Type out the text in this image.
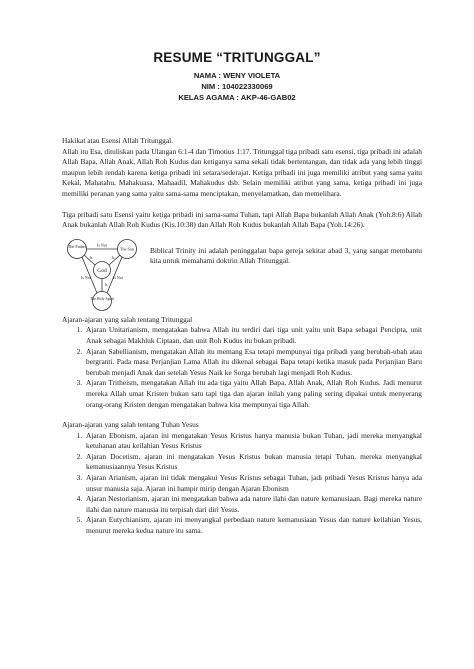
RESUME “TRITUNGGAL”

NAMA : WENY VIOLETA

NIM : 104022330069

KELAS AGAMA : AKP-46-GAB02

Hakikat atau Esensi Allah Tritunggal.

Allah itu Esa, dituliskan pada Ulangan 6:1-4 dan Timotius 1:17. Tritunggal tiga pribadi satu esensi, tiga pribadi ini adalah Allah Bapa, Allah Anak, Allah Roh Kudus dan ketiganya sama sekali tidak bertentangan, dan tidak ada yang lebih tinggi maupun lebih rendah karena ketiga pribadi ini setara/sederajat. Ketiga pribadi ini juga memiliki atribut yang sama yaitu Kekal, Mahatahu, Mahakuasa, Mahaadil, Mahakudus dsb. Selain memiliki atribut yang sama, ketiga pribadi ini juga memiliki peranan yang sama yaitu sama-sama menciptakan, menyelamatkan, dan memelihara.

Tiga pribadi satu Esensi yaitu ketiga pribadi ini sama-sama Tuhan, tapi Allah Bapa bukanlah Allah Anak (Yoh.8:6) Allah Anak bukanlah Allah Roh Kudus (Kis.10:38) dan Allah Roh Kudus bukanlah Allah Bapa (Yoh.14:26).

The Father	The Son
The Holy Spirit
God
Is Not
Is Not	Is Not
Is	Is
Is

Biblical Trinity ini adalah peninggalan bapa gereja sekitar abad 3, yang sangat membantu kita untuk memahami doktrin Allah Tritunggal.

Ajaran-ajaran yang salah tentang Tritunggal

1. Ajaran Unitarianism, mengatakan bahwa Allah itu terdiri dari tiga unit yaitu unit Bapa sebagai Pencipta, unit Anak sebagai Makhluk Ciptaan, dan unit Roh Kudus itu bukan pribadi.
2. Ajaran Sabellianism, mengatakan Allah itu memang Esa tetapi mempunyai tiga pribadi yang berubah-ubah atau bergranti. Pada masa Perjanjian Lama Allah itu dikenal sebagai Bapa tetapi ketika masuk pada Perjanjian Baru berubah menjadi Anak dan setelah Yesus Naik ke Sorga berubah lagi menjadi Roh Kudus.
3. Ajaran Tritheism, mengatakan Allah itu ada tiga yaitu Allah Bapa, Allah Anak, Allah Roh Kudus. Jadi menurut mereka Allah umat Kristen bukan satu tapi tiga dan ajaran inilah yang paling sering dipakai untuk menyerang orang-orang Kristen dengan mengatakan bahwa kita mempunyai tiga Allah.

Ajaran-ajaran yang salah tentang Tuhan Yesus

1. Ajaran Ebonism, ajaran ini mengatakan Yesus Kristus hanya manusia bukan Tuhan, jadi mereka menyangkal ketuhanan atau keilahian Yesus Kristus
2. Ajaran Docetism, ajaran ini mengatakan Yesus Kristus bukan manusia tetapi Tuhan, mereka menyangkal kemanusiaannya Yesus Kristus
3. Ajaran Arianism, ajaran ini tidak mengakui Yesus Kristus sebagai Tuhan, jadi pribadi Yesus Kristus hanya ada unsur manusia saja. Ajaran ini hampir mirip dengan Ajaran Ebonism
4. Ajaran Nestorianism, ajaran ini mengatakan bahwa ada nature ilahi dan nature kemanusiaan. Bagi mereka nature ilahi dan nature manusia itu terpisah dari diri Yesus.
5. Ajaran Eutychianism, ajaran ini menyangkal perbedaan nature kemanusiaan Yesus dan nature keilahian Yesus, menurut mereka kedua nature itu sama.
